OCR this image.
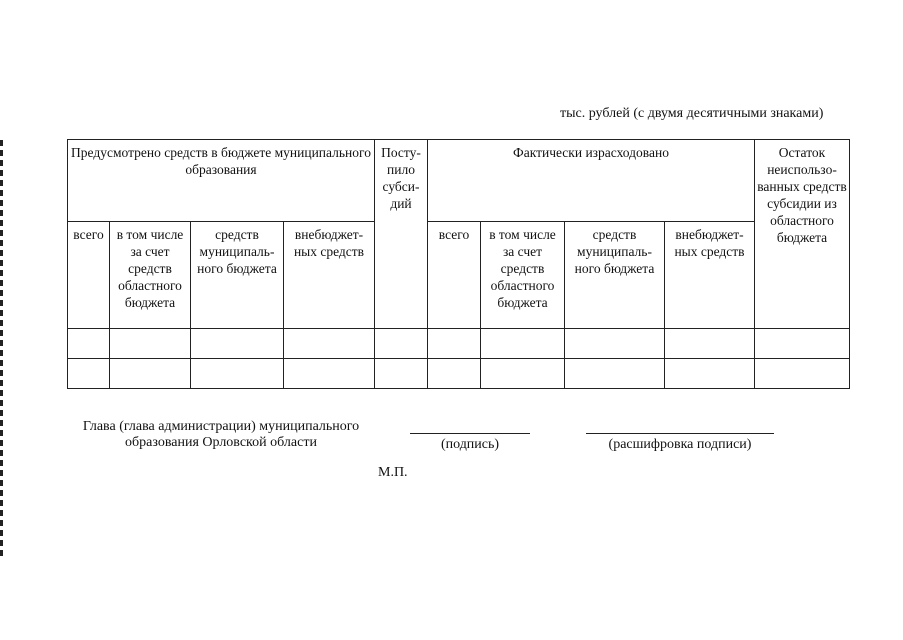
тыс. рублей (с двумя десятичными знаками)
Предусмотрено средств в бюджете муниципального образования				Посту-пило субси-дий	Фактически израсходовано				Остаток неиспользо-ванных средств субсидии из областного бюджета
всего	в том числе за счет средств областного бюджета	средств муниципаль-ного бюджета	внебюджет-ных средств		всего	в том числе за счет средств областного бюджета	средств муниципаль-ного бюджета	внебюджет-ных средств	

Глава (глава администрации) муниципального
образования Орловской области	(подпись)	(расшифровка подписи)
М.П.
